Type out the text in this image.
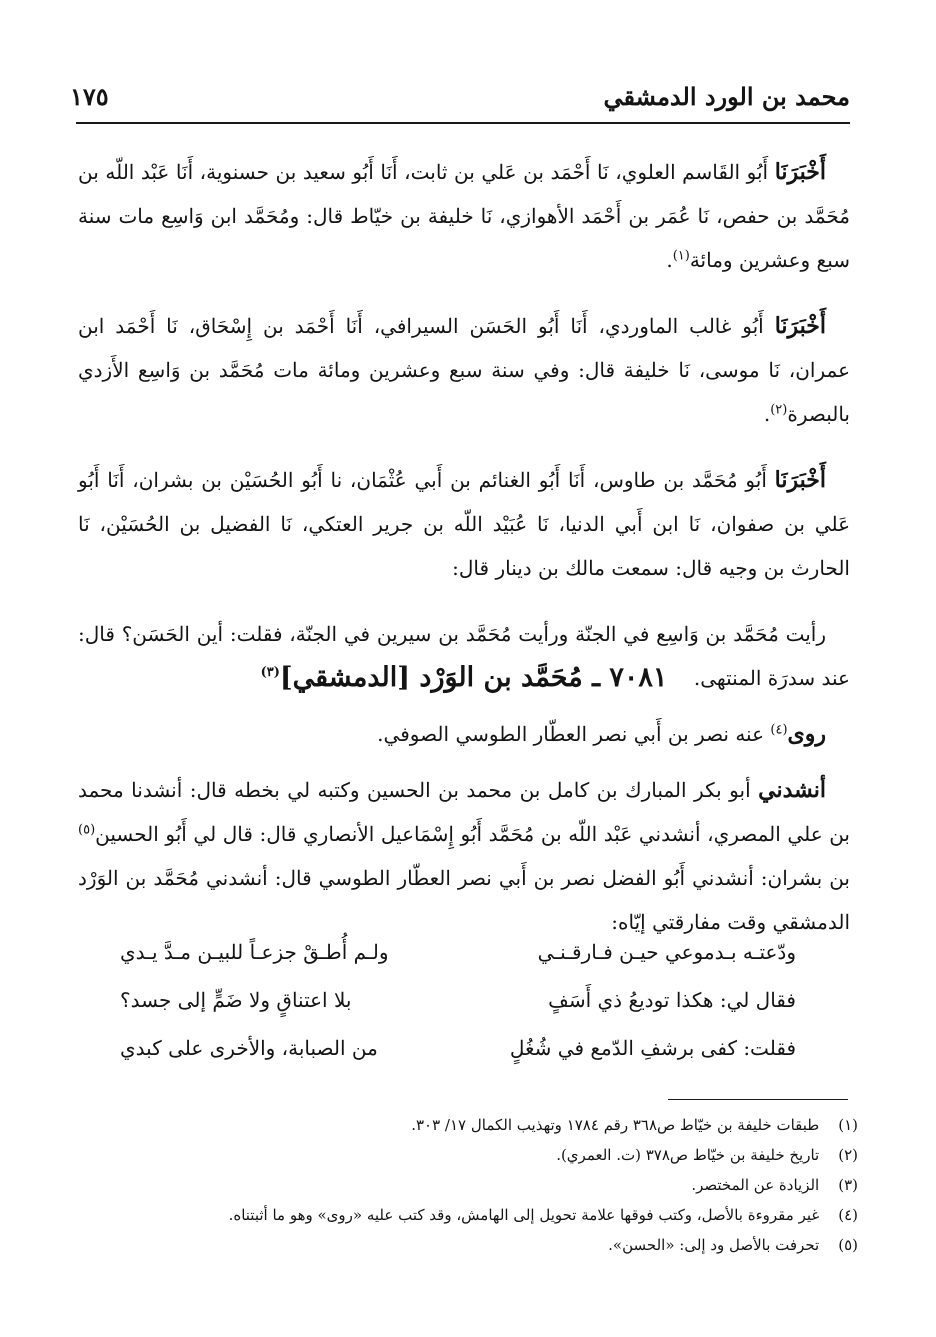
محمد بن الورد الدمشقي
١٧٥

أَخْبَرَنَا أَبُو القَاسم العلوي، نَا أَحْمَد بن عَلي بن ثابت، أَنَا أَبُو سعيد بن حسنوية، أَنَا عَبْد اللّه بن مُحَمَّد بن حفص، نَا عُمَر بن أَحْمَد الأهوازي، نَا خليفة بن خيّاط قال: ومُحَمَّد ابن وَاسِع مات سنة سبع وعشرين ومائة$^{(١)}$.

أَخْبَرَنَا أَبُو غالب الماوردي، أَنَا أَبُو الحَسَن السيرافي، أَنَا أَحْمَد بن إِسْحَاق، نَا أَحْمَد ابن عمران، نَا موسى، نَا خليفة قال: وفي سنة سبع وعشرين ومائة مات مُحَمَّد بن وَاسِع الأَزدي بالبصرة$^{(٢)}$.

أَخْبَرَنَا أَبُو مُحَمَّد بن طاوس، أَنَا أَبُو الغنائم بن أَبي عُثْمَان، نا أَبُو الحُسَيْن بن بشران، أَنَا أَبُو عَلي بن صفوان، نَا ابن أَبي الدنيا، نَا عُبَيْد اللّه بن جرير العتكي، نَا الفضيل بن الحُسَيْن، نَا الحارث بن وجيه قال: سمعت مالك بن دينار قال:

رأيت مُحَمَّد بن وَاسِع في الجنّة ورأيت مُحَمَّد بن سيرين في الجنّة، فقلت: أين الحَسَن؟ قال: عند سدرَة المنتهى.

٧٠٨١ ـ مُحَمَّد بن الوَرْد [الدمشقي]$^{(٣)}$

روى$^{(٤)}$ عنه نصر بن أَبي نصر العطّار الطوسي الصوفي.

أنشدني أبو بكر المبارك بن كامل بن محمد بن الحسين وكتبه لي بخطه قال: أنشدنا محمد بن علي المصري، أنشدني عَبْد اللّه بن مُحَمَّد أَبُو إِسْمَاعيل الأنصاري قال: قال لي أَبُو الحسين$^{(٥)}$ بن بشران: أنشدني أَبُو الفضل نصر بن أَبي نصر العطّار الطوسي قال: أنشدني مُحَمَّد بن الوَرْد الدمشقي وقت مفارقتي إيّاه:

ودّعتـه بـدموعي حيـن فـارقـنـي
ولـم أُطـقْ جزعـاً للبيـن مـدَّ يـدي
فقال لي: هكذا توديعُ ذي أَسَفٍ
بلا اعتناقٍ ولا ضَمٍّ إلى جسد؟
فقلت: كفى برشفِ الدّمع في شُغُلٍ
من الصبابة، والأخرى على كبدي
(١) طبقات خليفة بن خيّاط ص٣٦٨ رقم ١٧٨٤ وتهذيب الكمال ١٧/ ٣٠٣.
(٢) تاريخ خليفة بن خيّاط ص٣٧٨ (ت. العمري).
(٣) الزيادة عن المختصر.
(٤) غير مقروءة بالأصل، وكتب فوقها علامة تحويل إلى الهامش، وقد كتب عليه «روى» وهو ما أثبتناه.
(٥) تحرفت بالأصل ود إلى: «الحسن».
